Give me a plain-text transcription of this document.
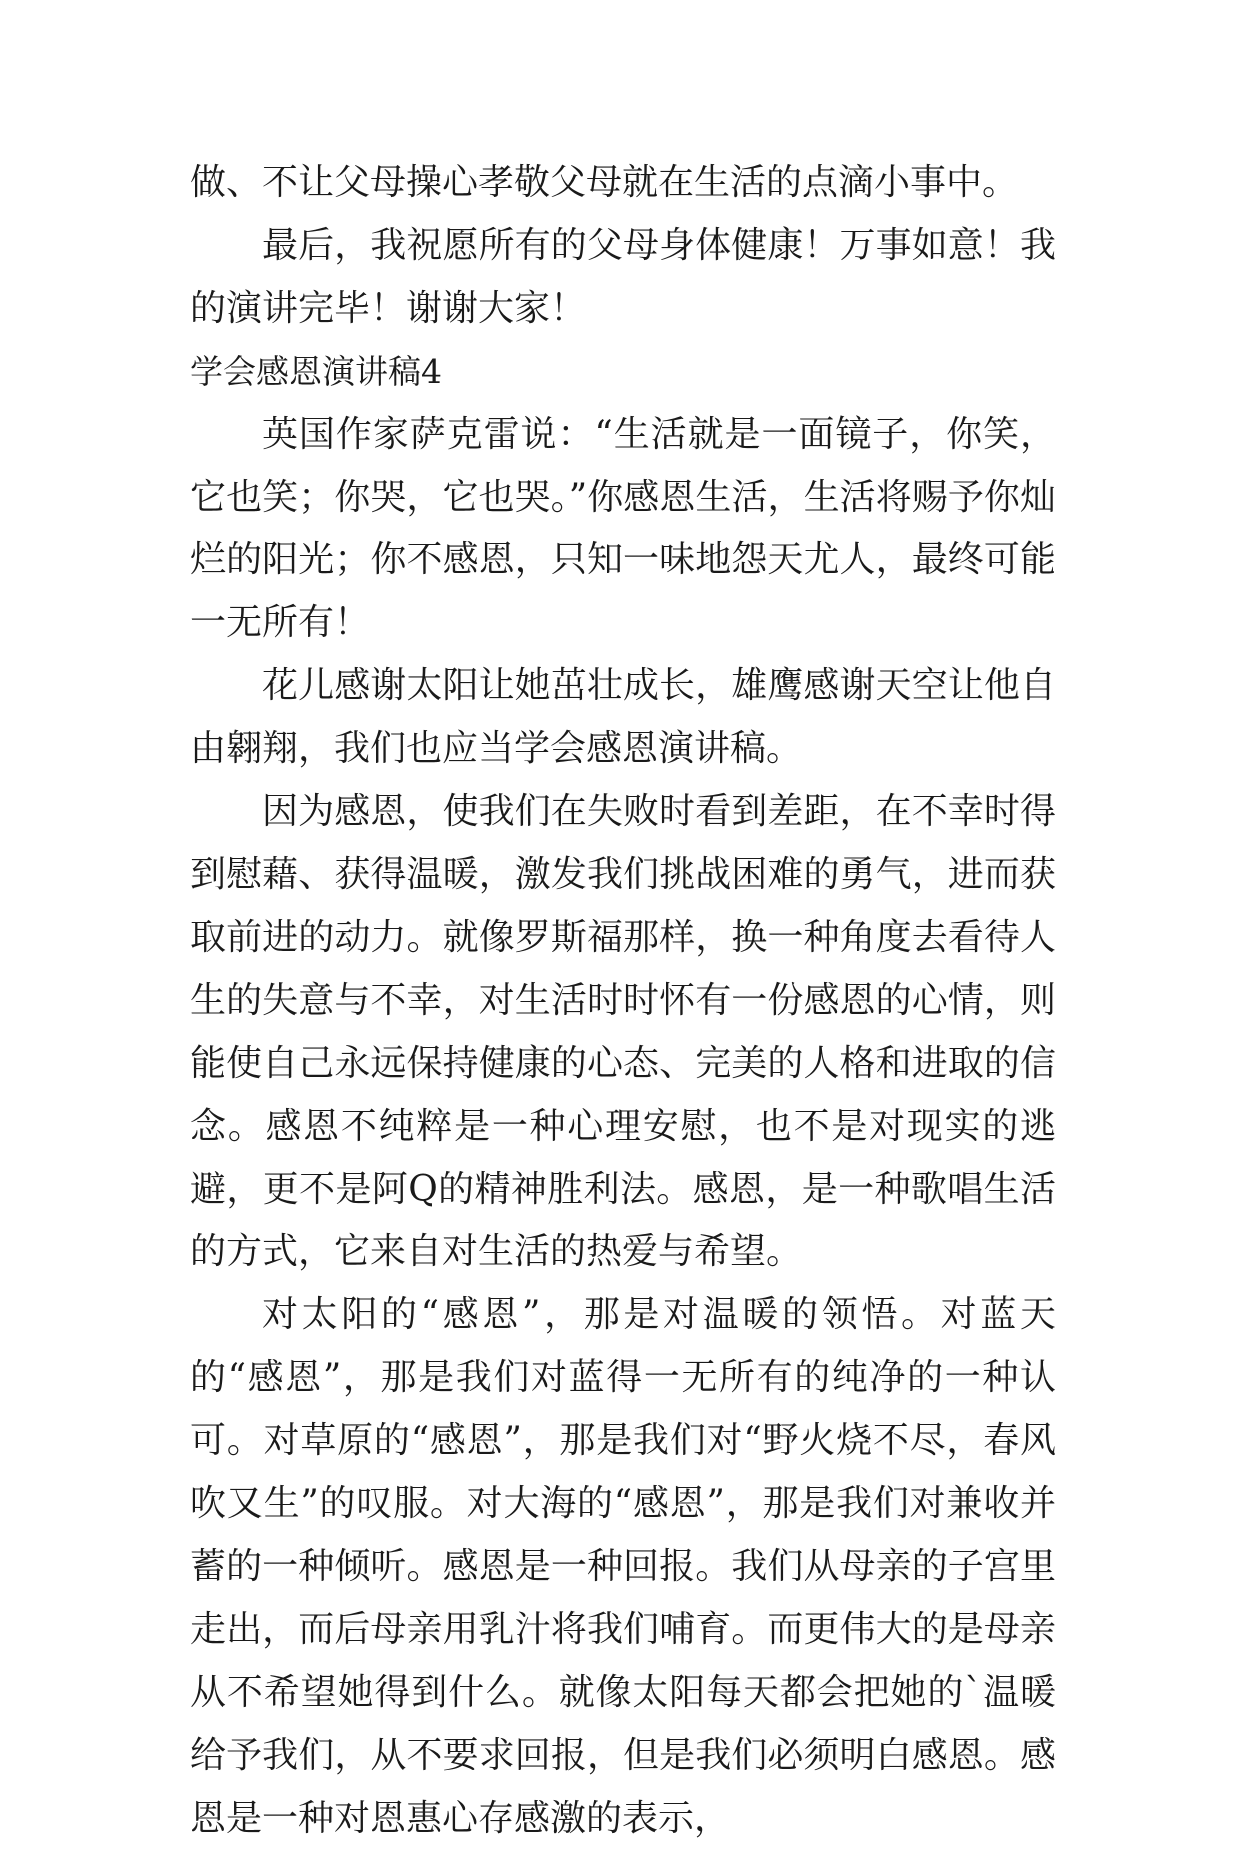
做、不让父母操心孝敬父母就在生活的点滴小事中。

最后，我祝愿所有的父母身体健康！万事如意！我的演讲完毕！谢谢大家！

学会感恩演讲稿4

英国作家萨克雷说：“生活就是一面镜子，你笑，它也笑；你哭，它也哭。”你感恩生活，生活将赐予你灿烂的阳光；你不感恩，只知一味地怨天尤人，最终可能一无所有！

花儿感谢太阳让她茁壮成长，雄鹰感谢天空让他自由翱翔，我们也应当学会感恩演讲稿。

因为感恩，使我们在失败时看到差距，在不幸时得到慰藉、获得温暖，激发我们挑战困难的勇气，进而获取前进的动力。就像罗斯福那样，换一种角度去看待人生的失意与不幸，对生活时时怀有一份感恩的心情，则能使自己永远保持健康的心态、完美的人格和进取的信念。感恩不纯粹是一种心理安慰，也不是对现实的逃避，更不是阿Q的精神胜利法。感恩，是一种歌唱生活的方式，它来自对生活的热爱与希望。

对太阳的“感恩”，那是对温暖的领悟。对蓝天的“感恩”，那是我们对蓝得一无所有的纯净的一种认可。对草原的“感恩”，那是我们对“野火烧不尽，春风吹又生”的叹服。对大海的“感恩”，那是我们对兼收并蓄的一种倾听。感恩是一种回报。我们从母亲的子宫里走出，而后母亲用乳汁将我们哺育。而更伟大的是母亲从不希望她得到什么。就像太阳每天都会把她的`温暖给予我们，从不要求回报，但是我们必须明白感恩。感恩是一种对恩惠心存感激的表示，
